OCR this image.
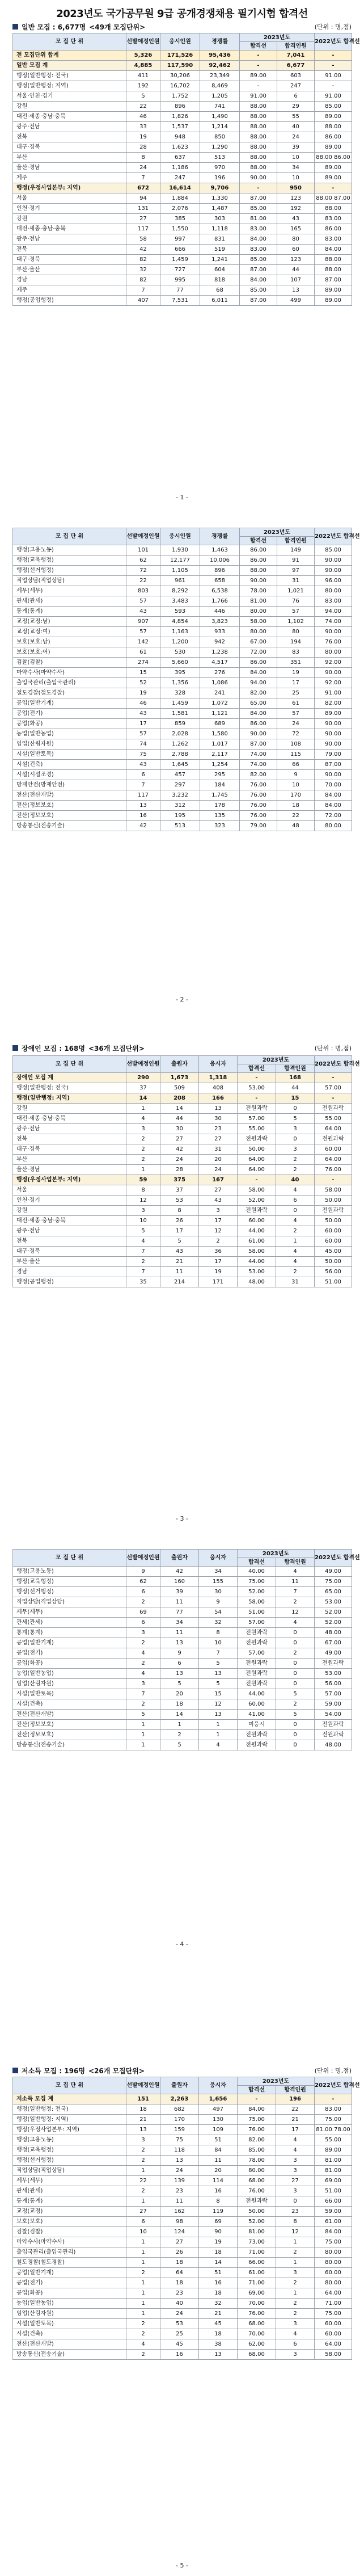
2023년도 국가공무원 9급 공개경쟁채용 필기시험 합격선
일반 모집 : 6,677명 <49개 모집단위>	(단위 : 명,점)
모 집 단 위	선발예정인원	응시인원	경쟁률	2023년도		2022년도 합격선
				합격선	합격인원	
전 모집단위 합계	5,326	171,526	95,436	-	7,041	-
일반 모집 계	4,885	117,590	92,462	-	6,677	-
행정(일반행정: 전국)	411	30,206	23,349	89.00	603	91.00
행정(일반행정: 지역)	192	16,702	8,469	-	247	-
서울·인천·경기	5	1,752	1,205	91.00	6	91.00
강원	22	896	741	88.00	29	85.00
대전·세종·충남·충북	46	1,826	1,490	88.00	55	89.00
광주·전남	33	1,537	1,214	88.00	40	88.00
전북	19	948	850	88.00	24	86.00
대구·경북	28	1,623	1,290	88.00	39	89.00
부산	8	637	513	88.00	10	88.00 86.00
울산·경남	24	1,186	970	88.00	34	89.00
제주	7	247	196	90.00	10	89.00
행정(우정사업본부: 지역)	672	16,614	9,706	-	950	-
서울	94	1,884	1,330	87.00	123	88.00 87.00
인천·경기	131	2,076	1,487	85.00	192	88.00
강원	27	385	303	81.00	43	83.00
대전·세종·충남·충북	117	1,550	1,118	83.00	165	86.00
광주·전남	58	997	831	84.00	80	83.00
전북	42	666	519	83.00	60	84.00
대구·경북	82	1,459	1,241	85.00	123	88.00
부산·울산	32	727	604	87.00	44	88.00
경남	82	995	818	84.00	107	87.00
제주	7	77	68	85.00	13	89.00
행정(공업행정)	407	7,531	6,011	87.00	499	89.00
- 1 -
모 집 단 위	선발예정인원	응시인원	경쟁률	2023년도		2022년도 합격선
				합격선	합격인원	
행정(고용노동)	101	1,930	1,463	86.00	149	85.00
행정(교육행정)	62	12,177	10,006	86.00	91	90.00
행정(선거행정)	72	1,105	896	88.00	97	90.00
직업상담(직업상담)	22	961	658	90.00	31	96.00
세무(세무)	803	8,292	6,538	78.00	1,021	80.00
관세(관세)	57	3,483	1,766	81.00	76	83.00
통계(통계)	43	593	446	80.00	57	94.00
교정(교정:남)	907	4,854	3,823	58.00	1,102	74.00
교정(교정:여)	57	1,163	933	80.00	80	90.00
보호(보호:남)	142	1,200	942	67.00	194	76.00
보호(보호:여)	61	530	1,238	72.00	83	80.00
검찰(검찰)	274	5,660	4,517	86.00	351	92.00
마약수사(마약수사)	15	395	276	84.00	19	90.00
출입국관리(출입국관리)	52	1,356	1,086	94.00	17	92.00
철도경찰(철도경찰)	19	328	241	82.00	25	91.00
공업(일반기계)	46	1,459	1,072	65.00	61	82.00
공업(전기)	43	1,581	1,121	84.00	57	89.00
공업(화공)	17	859	689	86.00	24	90.00
농업(일반농업)	57	2,028	1,580	90.00	72	90.00
임업(산림자원)	74	1,262	1,017	87.00	108	90.00
시설(일반토목)	75	2,788	2,117	74.00	115	79.00
시설(건축)	43	1,645	1,254	74.00	66	87.00
시설(시설조경)	6	457	295	82.00	9	90.00
방재안전(방재안전)	7	297	184	76.00	10	70.00
전산(전산개발)	117	3,232	1,745	76.00	170	84.00
전산(정보보호)	13	312	178	76.00	18	84.00
전산(정보보호)	16	195	135	76.00	22	72.00
방송통신(전송기술)	42	513	323	79.00	48	80.00
- 2 -
장애인 모집 : 168명 <36개 모집단위>	(단위 : 명,점)
모 집 단 위	선발예정인원	출원자	응시자	2023년도		2022년도 합격선
				합격선	합격인원	
장애인 모집 계	290	1,673	1,318	-	168	-
행정(일반행정: 전국)	37	509	408	53.00	44	57.00
행정(일반행정: 지역)	14	208	166	-	15	-
강원	1	14	13	전원과락	0	전원과락
대전·세종·충남·충북	4	44	30	57.00	5	55.00
광주·전남	3	30	23	55.00	3	64.00
전북	2	27	27	전원과락	0	전원과락
대구·경북	2	42	31	50.00	3	60.00
부산	2	24	20	64.00	2	64.00
울산·경남	1	28	24	64.00	2	76.00
행정(우정사업본부: 지역)	59	375	167	-	40	-
서울	8	37	27	58.00	4	58.00
인천·경기	12	53	43	52.00	6	50.00
강원	3	8	3	전원과락	0	전원과락
대전·세종·충남·충북	10	26	17	60.00	4	50.00
광주·전남	5	17	12	44.00	2	60.00
전북	4	5	2	61.00	1	60.00
대구·경북	7	43	36	58.00	4	45.00
부산·울산	2	21	17	44.00	4	50.00
경남	7	11	19	53.00	2	56.00
행정(공업행정)	35	214	171	48.00	31	51.00
- 3 -
모 집 단 위	선발예정인원	출원자	응시자	2023년도		2022년도 합격선
				합격선	합격인원	
행정(고용노동)	9	42	34	40.00	4	49.00
행정(교육행정)	62	160	155	75.00	11	75.00
행정(선거행정)	6	39	30	52.00	7	65.00
직업상담(직업상담)	2	11	9	58.00	2	53.00
세무(세무)	69	77	54	51.00	12	52.00
관세(관세)	6	34	32	57.00	4	52.00
통계(통계)	3	11	8	전원과락	0	48.00
공업(일반기계)	2	13	10	전원과락	0	67.00
공업(전기)	4	9	7	57.00	2	49.00
공업(화공)	2	6	5	전원과락	0	전원과락
농업(일반농업)	4	13	13	전원과락	0	53.00
임업(산림자원)	3	5	5	전원과락	0	56.00
시설(일반토목)	7	20	15	44.00	5	57.00
시설(건축)	2	18	12	60.00	2	59.00
전산(전산개발)	5	14	13	41.00	5	54.00
전산(정보보호)	1	1	1	미응시	0	전원과락
전산(정보보호)	1	2	1	전원과락	0	전원과락
방송통신(전송기술)	1	5	4	전원과락	0	48.00
- 4 -
저소득 모집 : 196명 <26개 모집단위>	(단위 : 명,점)
모 집 단 위	선발예정인원	출원자	응시자	2023년도		2022년도 합격선
				합격선	합격인원	
저소득 모집 계	151	2,263	1,656	-	196	-
행정(일반행정: 전국)	18	682	497	84.00	22	83.00
행정(일반행정: 지역)	21	170	130	75.00	21	75.00
행정(우정사업본부: 지역)	13	159	109	76.00	17	81.00 78.00
행정(고용노동)	3	75	51	82.00	4	55.00
행정(교육행정)	2	118	84	85.00	4	89.00
행정(선거행정)	2	13	11	78.00	3	81.00
직업상담(직업상담)	1	24	20	80.00	3	81.00
세무(세무)	22	139	114	68.00	27	69.00
관세(관세)	2	23	16	76.00	3	51.00
통계(통계)	1	11	8	전원과락	0	66.00
교정(교정)	27	162	119	50.00	23	59.00
보호(보호)	6	98	69	52.00	8	61.00
검찰(검찰)	10	124	90	81.00	12	84.00
마약수사(마약수사)	1	27	19	73.00	1	75.00
출입국관리(출입국관리)	1	26	18	71.00	2	80.00
철도경찰(철도경찰)	1	18	14	66.00	1	80.00
공업(일반기계)	2	64	51	61.00	3	60.00
공업(전기)	1	18	16	71.00	2	80.00
공업(화공)	1	23	18	69.00	1	64.00
농업(일반농업)	1	40	32	70.00	2	71.00
임업(산림자원)	1	24	21	76.00	2	75.00
시설(일반토목)	2	53	45	68.00	3	60.00
시설(건축)	2	25	18	70.00	4	60.00
전산(전산개발)	4	45	38	62.00	6	64.00
방송통신(전송기술)	2	16	13	68.00	3	58.00
- 5 -
